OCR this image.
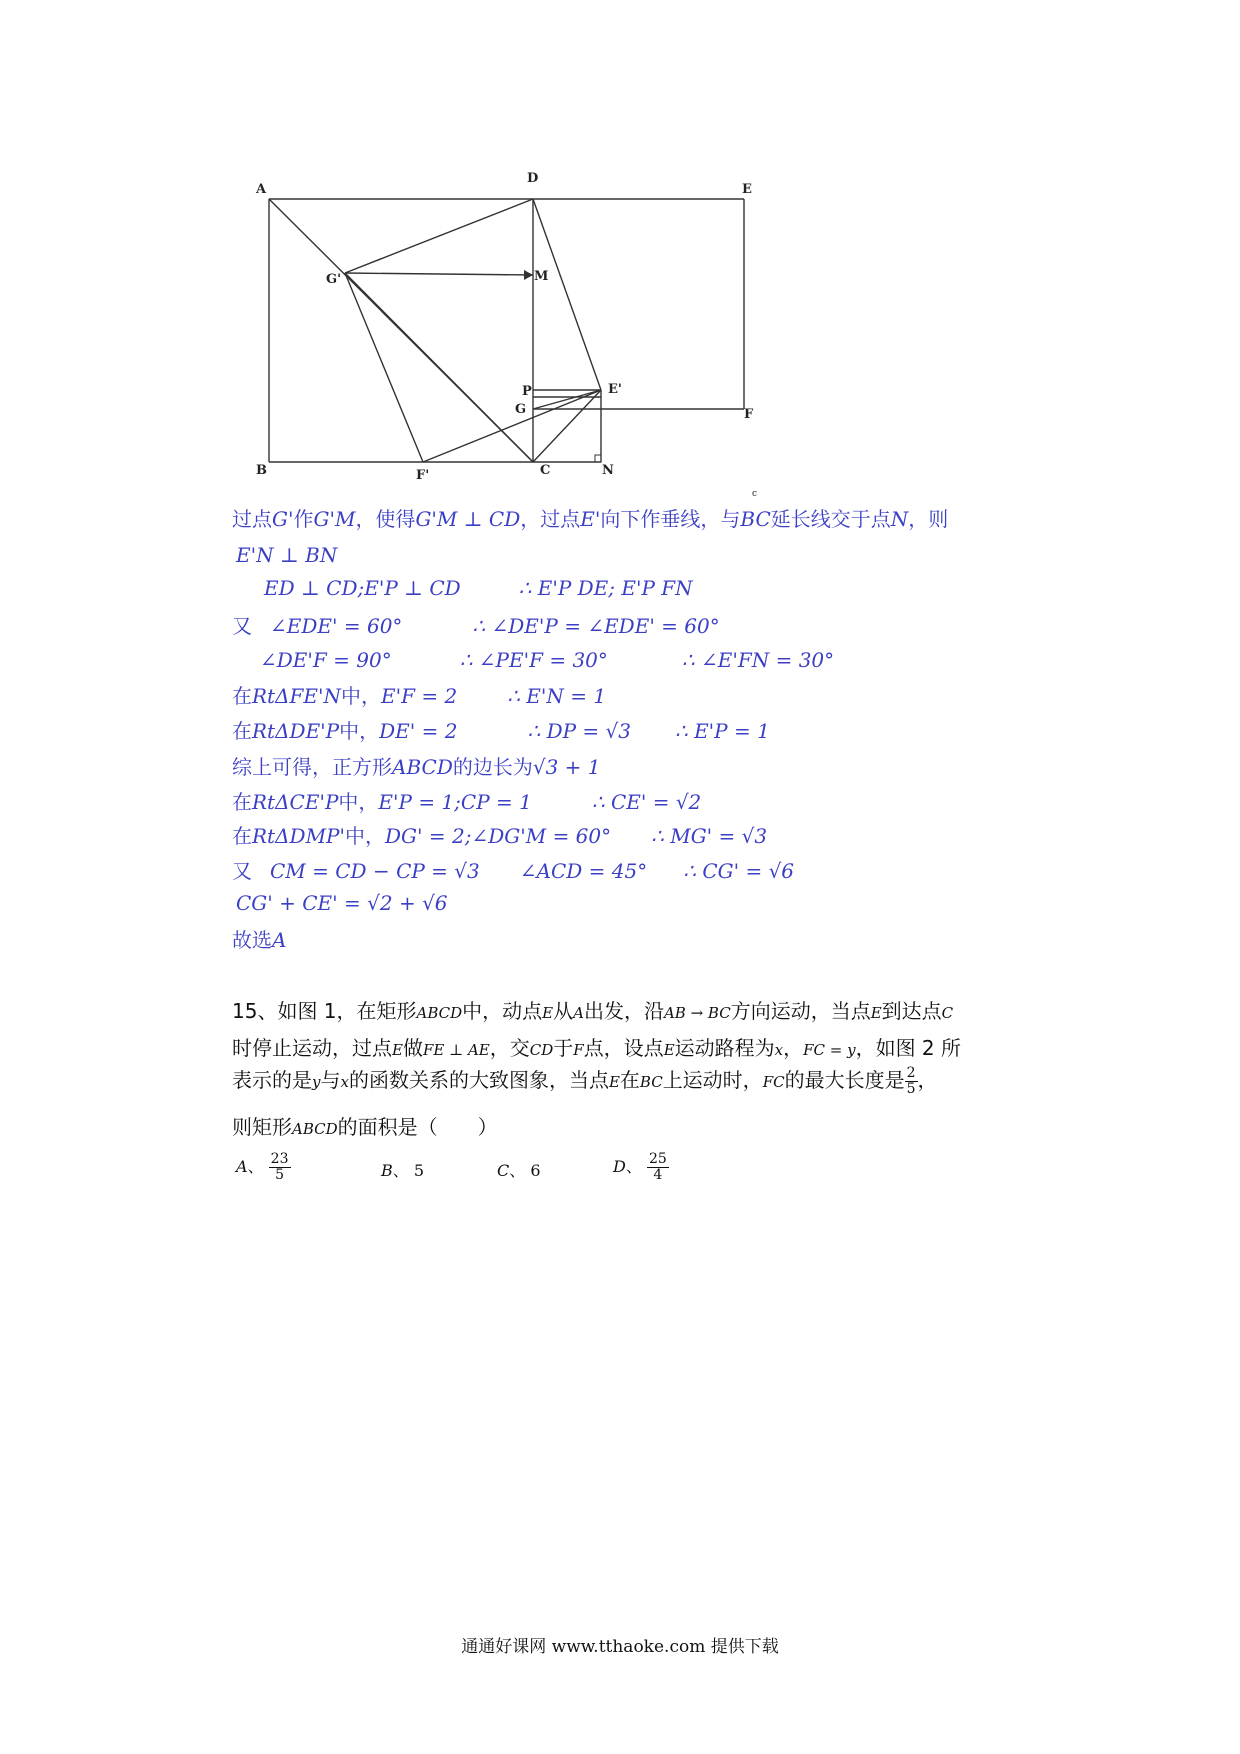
A
D
E
G'	M
P
G
E'
F
B	F'	C	N
c
过点G'作G'M，使得G'M ⊥ CD，过点E'向下作垂线，与BC延长线交于点N，则
E'N ⊥ BN
ED ⊥ CD;E'P ⊥ CD	∴ E'P DE; E'P FN
又 ∠EDE' = 60°	∴ ∠DE'P = ∠EDE' = 60°
∠DE'F = 90°	∴ ∠PE'F = 30°	∴ ∠E'FN = 30°
在RtΔFE'N中，E'F = 2	∴ E'N = 1
在RtΔDE'P中，DE' = 2	∴ DP = √3 ∴ E'P = 1
综上可得，正方形ABCD的边长为√3 + 1
在RtΔCE'P中，E'P = 1;CP = 1	∴ CE' = √2
在RtΔDMP'中，DG' = 2;∠DG'M = 60° ∴ MG' = √3
又 CM = CD − CP = √3 ∠ACD = 45° ∴ CG' = √6
CG' + CE' = √2 + √6
故选A
15、如图 1，在矩形ABCD中，动点E从A出发，沿AB → BC方向运动，当点E到达点C
时停止运动，过点E做FE ⊥ AE，交CD于F点，设点E运动路程为x，FC = y，如图 2 所
表示的是y与x的函数关系的大致图象，当点E在BC上运动时，FC的最大长度是 $\frac{2}{5}$ ，
则矩形ABCD的面积是（　　）
A、 $\frac{23}{5}$	B、 5	C、 6	D、 $\frac{25}{4}$
通通好课网 www.tthaoke.com 提供下载
